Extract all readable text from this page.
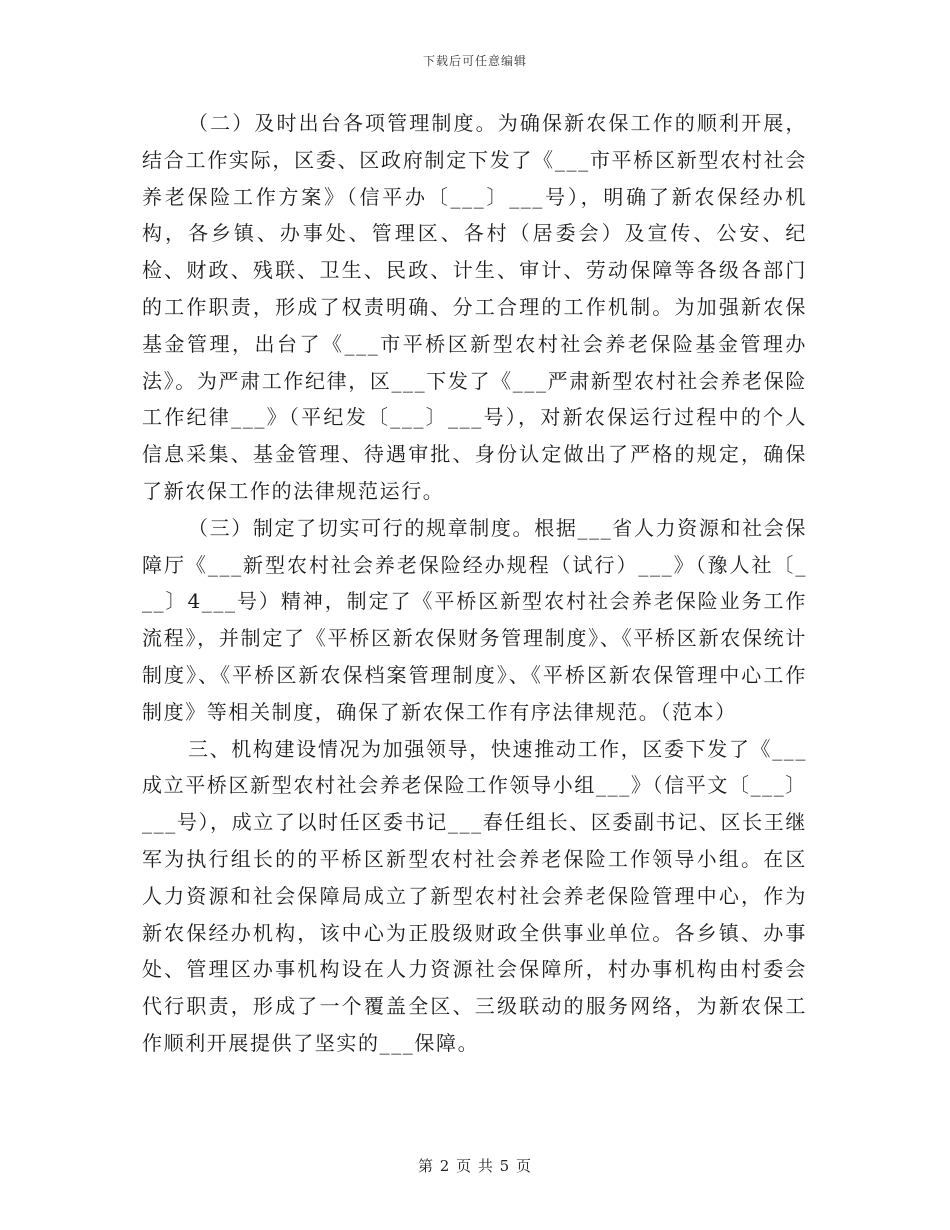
下载后可任意编辑

（二）及时出台各项管理制度。为确保新农保工作的顺利开展，结合工作实际，区委、区政府制定下发了《___市平桥区新型农村社会养老保险工作方案》（信平办〔___〕___号），明确了新农保经办机构，各乡镇、办事处、管理区、各村（居委会）及宣传、公安、纪检、财政、残联、卫生、民政、计生、审计、劳动保障等各级各部门的工作职责，形成了权责明确、分工合理的工作机制。为加强新农保基金管理，出台了《___市平桥区新型农村社会养老保险基金管理办法》。为严肃工作纪律，区___下发了《___严肃新型农村社会养老保险工作纪律___》（平纪发〔___〕___号），对新农保运行过程中的个人信息采集、基金管理、待遇审批、身份认定做出了严格的规定，确保了新农保工作的法律规范运行。

（三）制定了切实可行的规章制度。根据___省人力资源和社会保障厅《___新型农村社会养老保险经办规程（试行）___》（豫人社〔___〕4___号）精神，制定了《平桥区新型农村社会养老保险业务工作流程》，并制定了《平桥区新农保财务管理制度》、《平桥区新农保统计制度》、《平桥区新农保档案管理制度》、《平桥区新农保管理中心工作制度》等相关制度，确保了新农保工作有序法律规范。（范本）

三、机构建设情况为加强领导，快速推动工作，区委下发了《___成立平桥区新型农村社会养老保险工作领导小组___》（信平文〔___〕___号），成立了以时任区委书记___春任组长、区委副书记、区长王继军为执行组长的的平桥区新型农村社会养老保险工作领导小组。在区人力资源和社会保障局成立了新型农村社会养老保险管理中心，作为新农保经办机构，该中心为正股级财政全供事业单位。各乡镇、办事处、管理区办事机构设在人力资源社会保障所，村办事机构由村委会代行职责，形成了一个覆盖全区、三级联动的服务网络，为新农保工作顺利开展提供了坚实的___保障。

第 2 页 共 5 页
